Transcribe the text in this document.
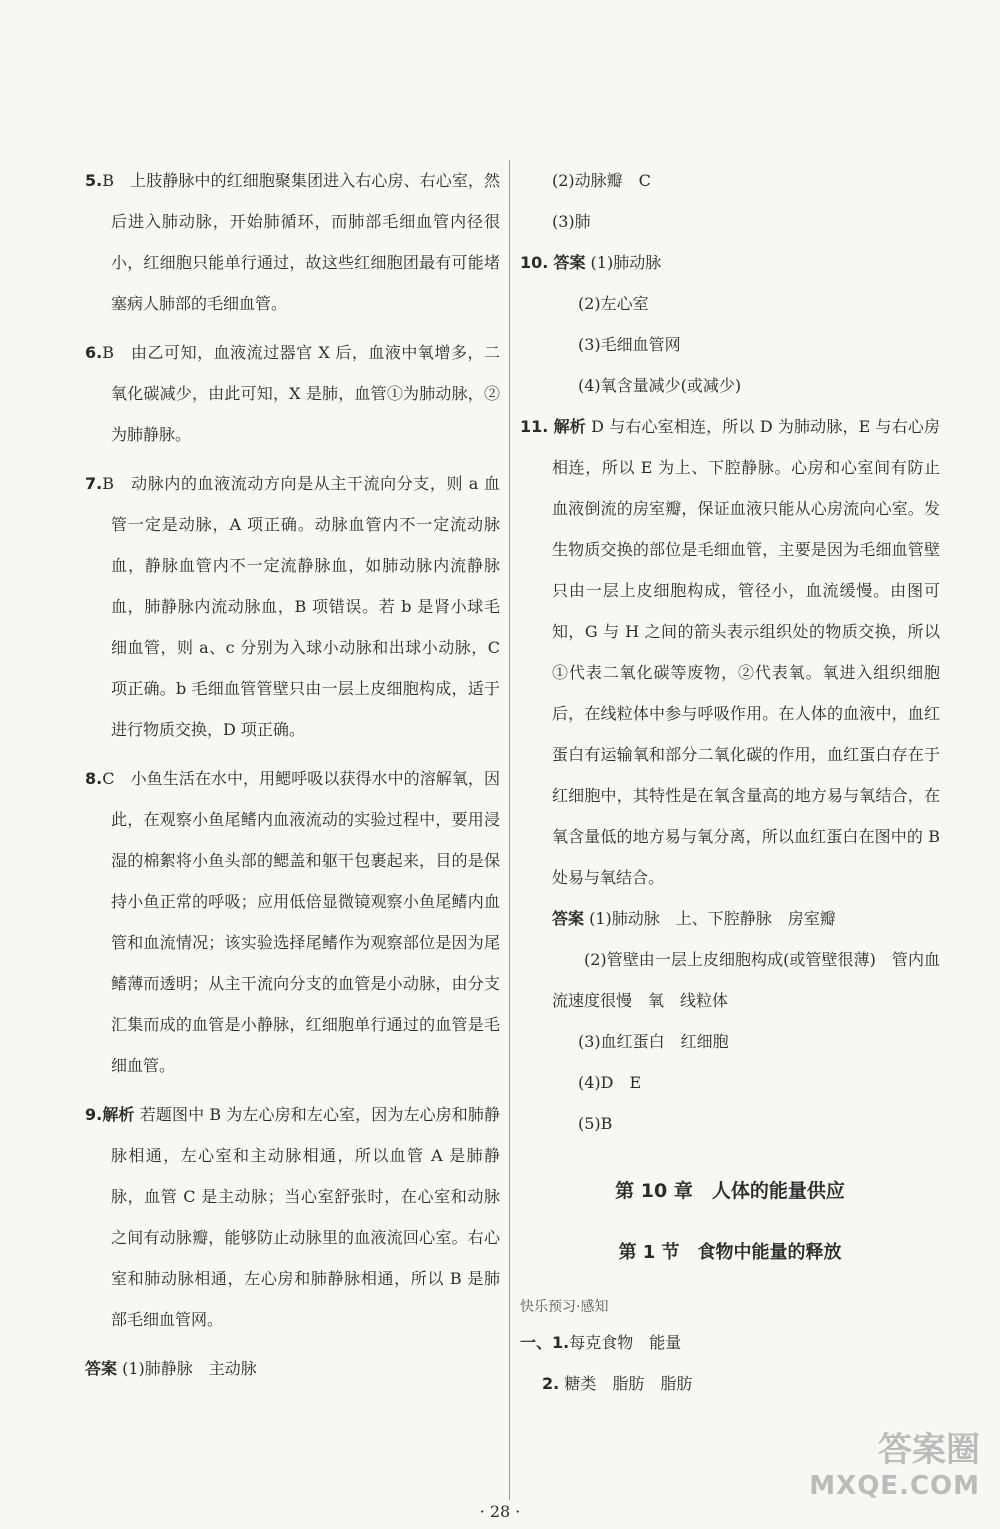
5.B　上肢静脉中的红细胞聚集团进入右心房、右心室，然后进入肺动脉，开始肺循环，而肺部毛细血管内径很小，红细胞只能单行通过，故这些红细胞团最有可能堵塞病人肺部的毛细血管。
6.B　由乙可知，血液流过器官 X 后，血液中氧增多，二氧化碳减少，由此可知，X 是肺，血管①为肺动脉，②为肺静脉。
7.B　动脉内的血液流动方向是从主干流向分支，则 a 血管一定是动脉，A 项正确。动脉血管内不一定流动脉血，静脉血管内不一定流静脉血，如肺动脉内流静脉血，肺静脉内流动脉血，B 项错误。若 b 是肾小球毛细血管，则 a、c 分别为入球小动脉和出球小动脉，C 项正确。b 毛细血管管壁只由一层上皮细胞构成，适于进行物质交换，D 项正确。
8.C　小鱼生活在水中，用鳃呼吸以获得水中的溶解氧，因此，在观察小鱼尾鳍内血液流动的实验过程中，要用浸湿的棉絮将小鱼头部的鳃盖和躯干包裹起来，目的是保持小鱼正常的呼吸；应用低倍显微镜观察小鱼尾鳍内血管和血流情况；该实验选择尾鳍作为观察部位是因为尾鳍薄而透明；从主干流向分支的血管是小动脉，由分支汇集而成的血管是小静脉，红细胞单行通过的血管是毛细血管。
9.解析 若题图中 B 为左心房和左心室，因为左心房和肺静脉相通，左心室和主动脉相通，所以血管 A 是肺静脉，血管 C 是主动脉；当心室舒张时，在心室和动脉之间有动脉瓣，能够防止动脉里的血液流回心室。右心室和肺动脉相通，左心房和肺静脉相通，所以 B 是肺部毛细血管网。
答案 (1)肺静脉　主动脉
(2)动脉瓣　C
(3)肺
10. 答案 (1)肺动脉
(2)左心室
(3)毛细血管网
(4)氧含量减少(或减少)
11. 解析 D 与右心室相连，所以 D 为肺动脉，E 与右心房相连，所以 E 为上、下腔静脉。心房和心室间有防止血液倒流的房室瓣，保证血液只能从心房流向心室。发生物质交换的部位是毛细血管，主要是因为毛细血管壁只由一层上皮细胞构成，管径小，血流缓慢。由图可知，G 与 H 之间的箭头表示组织处的物质交换，所以①代表二氧化碳等废物，②代表氧。氧进入组织细胞后，在线粒体中参与呼吸作用。在人体的血液中，血红蛋白有运输氧和部分二氧化碳的作用，血红蛋白存在于红细胞中，其特性是在氧含量高的地方易与氧结合，在氧含量低的地方易与氧分离，所以血红蛋白在图中的 B 处易与氧结合。
答案 (1)肺动脉　上、下腔静脉　房室瓣
(2)管壁由一层上皮细胞构成(或管壁很薄)　管内血流速度很慢　氧　线粒体
(3)血红蛋白　红细胞
(4)D　E
(5)B
第 10 章　人体的能量供应
第 1 节　食物中能量的释放
快乐预习·感知
一、1.每克食物　能量
2. 糖类　脂肪　脂肪
· 28 ·
答案圈
MXQE.COM
